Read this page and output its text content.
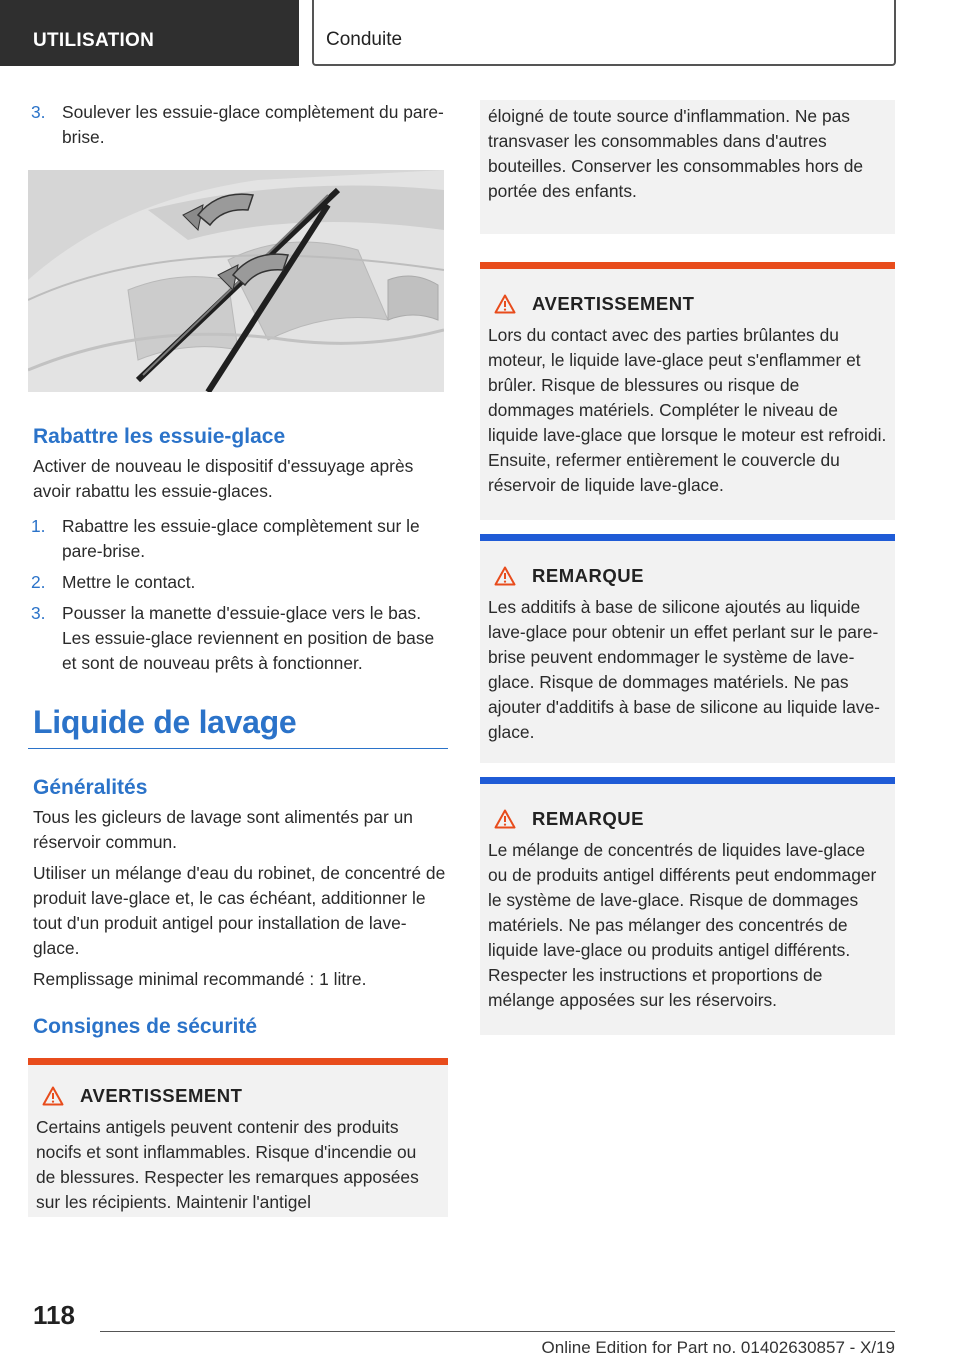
UTILISATION	Conduite
3. Soulever les essuie-glace complètement du pare-brise.
Rabattre les essuie-glace

Activer de nouveau le dispositif d'essuyage après avoir rabattu les essuie-glaces.

1. Rabattre les essuie-glace complètement sur le pare-brise.
2. Mettre le contact.
3. Pousser la manette d'essuie-glace vers le bas. Les essuie-glace reviennent en position de base et sont de nouveau prêts à fonctionner.
Liquide de lavage
Généralités

Tous les gicleurs de lavage sont alimentés par un réservoir commun.

Utiliser un mélange d'eau du robinet, de concentré de produit lave-glace et, le cas échéant, additionner le tout d'un produit antigel pour installation de lave-glace.

Remplissage minimal recommandé : 1 litre.

Consignes de sécurité
AVERTISSEMENT

Certains antigels peuvent contenir des produits nocifs et sont inflammables. Risque d'incendie ou de blessures. Respecter les remarques apposées sur les récipients. Maintenir l'antigel

éloigné de toute source d'inflammation. Ne pas transvaser les consommables dans d'autres bouteilles. Conserver les consommables hors de portée des enfants.

AVERTISSEMENT

Lors du contact avec des parties brûlantes du moteur, le liquide lave-glace peut s'enflammer et brûler. Risque de blessures ou risque de dommages matériels. Compléter le niveau de liquide lave-glace que lorsque le moteur est refroidi. Ensuite, refermer entièrement le couvercle du réservoir de liquide lave-glace.

REMARQUE

Les additifs à base de silicone ajoutés au liquide lave-glace pour obtenir un effet perlant sur le pare-brise peuvent endommager le système de lave-glace. Risque de dommages matériels. Ne pas ajouter d'additifs à base de silicone au liquide lave-glace.

REMARQUE

Le mélange de concentrés de liquides lave-glace ou de produits antigel différents peut endommager le système de lave-glace. Risque de dommages matériels. Ne pas mélanger des concentrés de liquide lave-glace ou produits antigel différents. Respecter les instructions et proportions de mélange apposées sur les réservoirs.

118
Online Edition for Part no. 01402630857 - X/19
